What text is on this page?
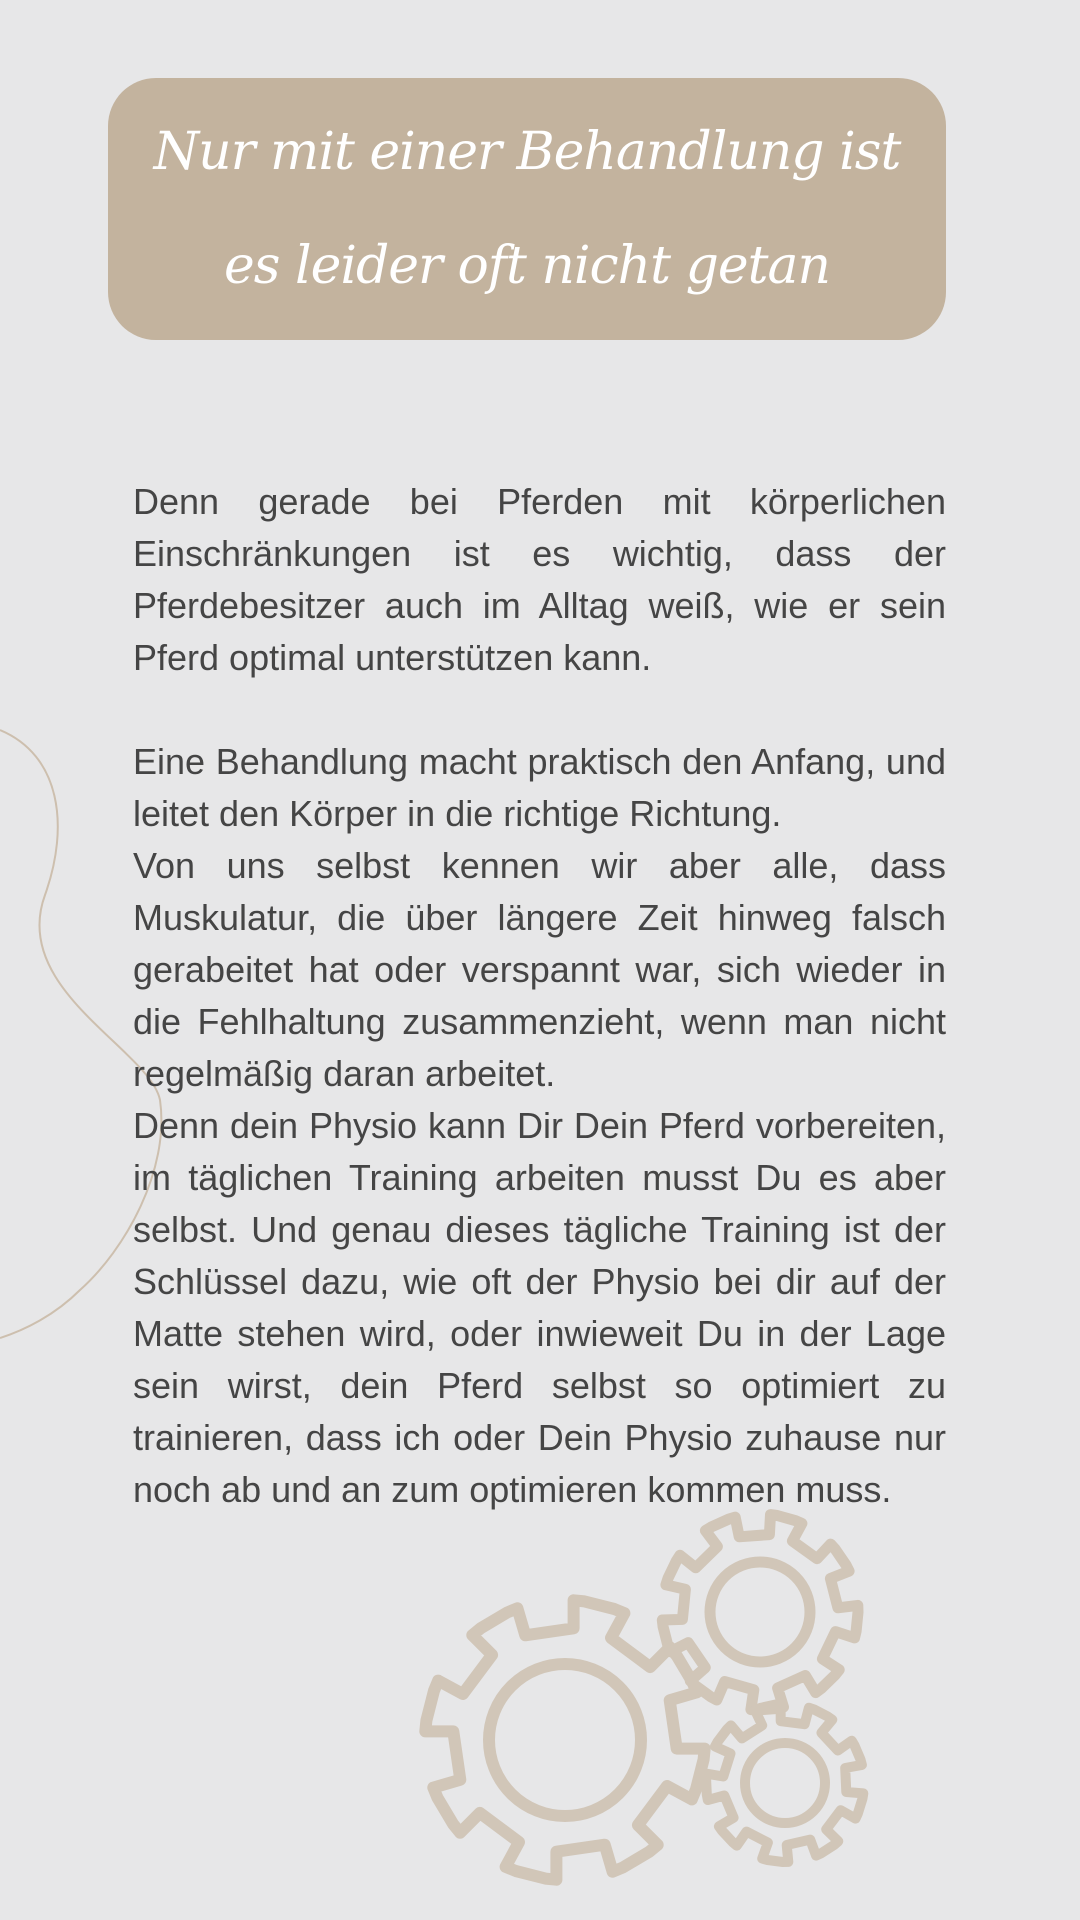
Nur mit einer Behandlung ist
es leider oft nicht getan

Denn gerade bei Pferden mit körperlichen Einschränkungen ist es wichtig, dass der Pferdebesitzer auch im Alltag weiß, wie er sein Pferd optimal unterstützen kann.

Eine Behandlung macht praktisch den Anfang, und leitet den Körper in die richtige Richtung.

Von uns selbst kennen wir aber alle, dass Muskulatur, die über längere Zeit hinweg falsch gerabeitet hat oder verspannt war, sich wieder in die Fehlhaltung zusammenzieht, wenn man nicht regelmäßig daran arbeitet.

Denn dein Physio kann Dir Dein Pferd vorbereiten, im täglichen Training arbeiten musst Du es aber selbst. Und genau dieses tägliche Training ist der Schlüssel dazu, wie oft der Physio bei dir auf der Matte stehen wird, oder inwieweit Du in der Lage sein wirst, dein Pferd selbst so optimiert zu trainieren, dass ich oder Dein Physio zuhause nur noch ab und an zum optimieren kommen muss.
